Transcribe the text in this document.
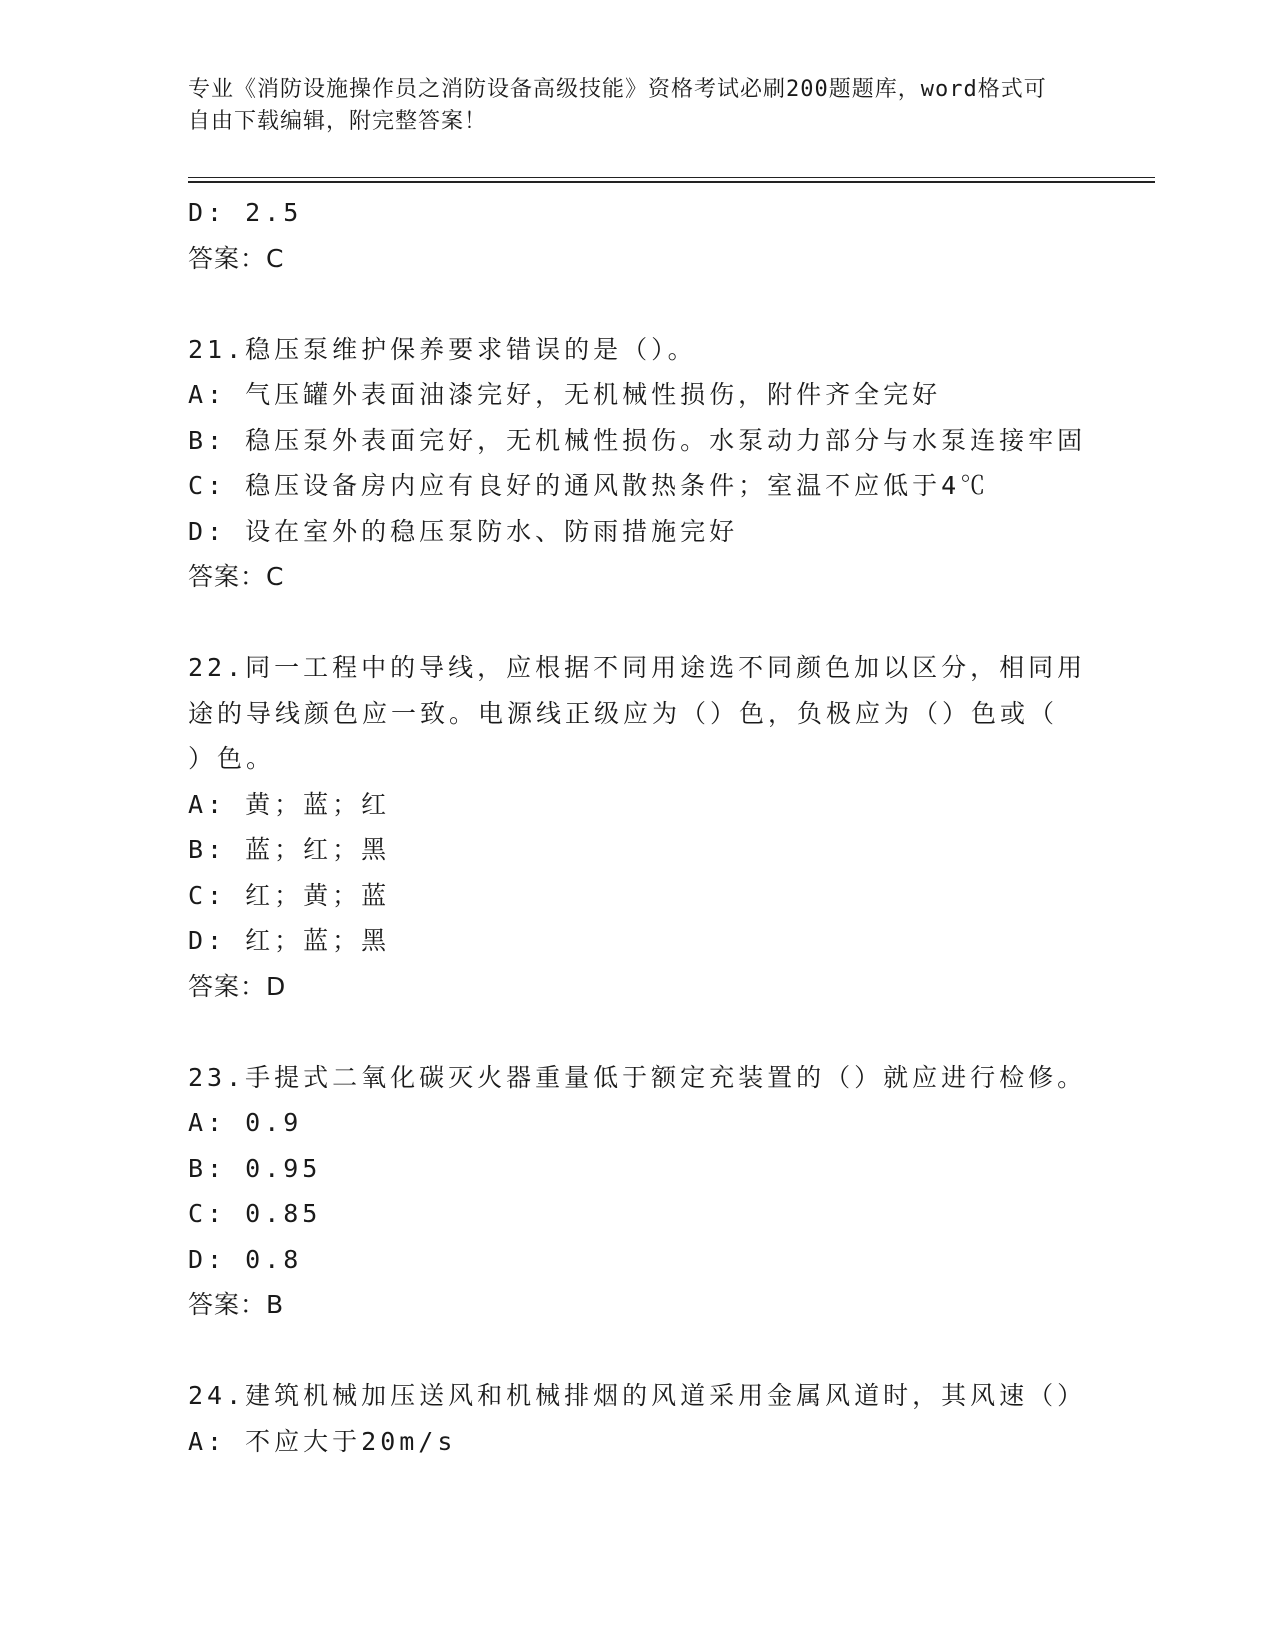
专业《消防设施操作员之消防设备高级技能》资格考试必刷200题题库，word格式可自由下载编辑，附完整答案！
D: 2.5
答案：C
21.稳压泵维护保养要求错误的是（）。
A: 气压罐外表面油漆完好，无机械性损伤，附件齐全完好
B: 稳压泵外表面完好，无机械性损伤。水泵动力部分与水泵连接牢固
C: 稳压设备房内应有良好的通风散热条件；室温不应低于4℃
D: 设在室外的稳压泵防水、防雨措施完好
答案：C
22.同一工程中的导线，应根据不同用途选不同颜色加以区分，相同用
途的导线颜色应一致。电源线正级应为（）色，负极应为（）色或（
）色。
A: 黄；蓝；红
B: 蓝；红；黑
C: 红；黄；蓝
D: 红；蓝；黑
答案：D
23.手提式二氧化碳灭火器重量低于额定充装置的（）就应进行检修。
A: 0.9
B: 0.95
C: 0.85
D: 0.8
答案：B
24.建筑机械加压送风和机械排烟的风道采用金属风道时，其风速（）
A: 不应大于20m/s
